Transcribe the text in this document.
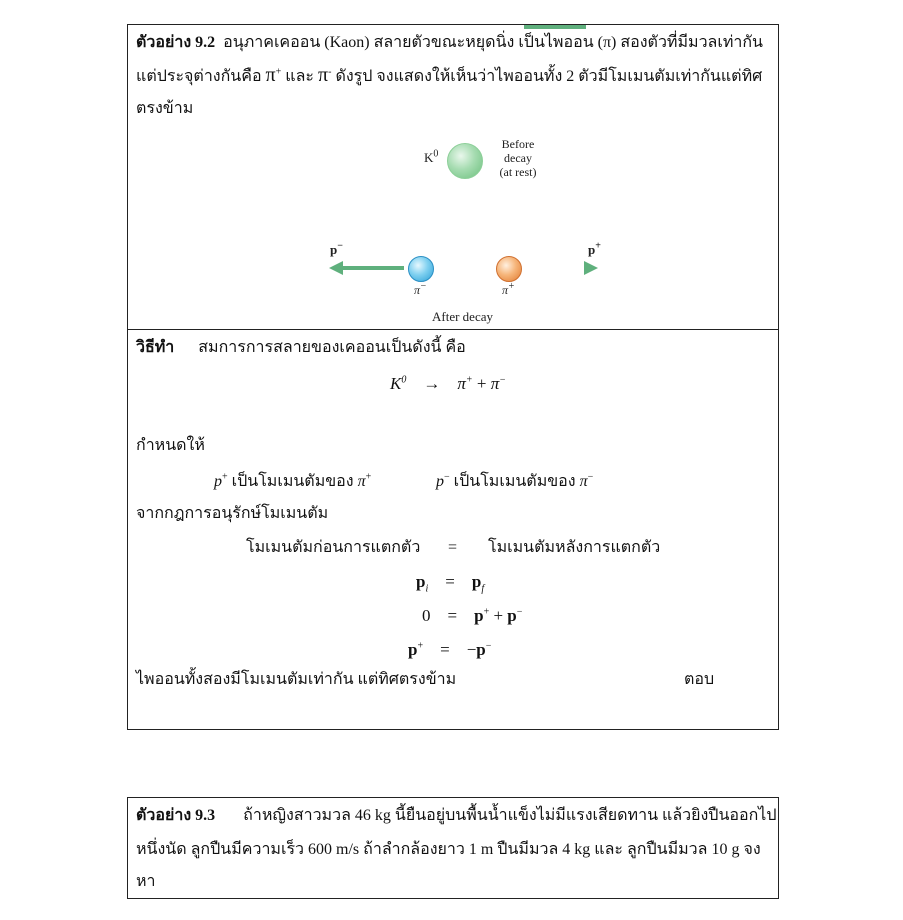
ตัวอย่าง 9.2 อนุภาคเคออน (Kaon) สลายตัวขณะหยุดนิ่ง เป็นไพออน (π) สองตัวที่มีมวลเท่ากัน
แต่ประจุต่างกันคือ π+ และ π- ดังรูป จงแสดงให้เห็นว่าไพออนทั้ง 2 ตัวมีโมเมนตัมเท่ากันแต่ทิศ
ตรงข้าม
$K^0$
Before
decay
(at rest)
p−
π−	π+
p+
After decay
วิธีทำ สมการการสลายของเคออนเป็นดังนี้ คือ
$K^0 \to \pi^+ + \pi^-$
กำหนดให้
p+ เป็นโมเมนตัมของ π+	p− เป็นโมเมนตัมของ π−
จากกฎการอนุรักษ์โมเมนตัม
โมเมนตัมก่อนการแตกตัว = โมเมนตัมหลังการแตกตัว
$p_i = p_f$
0 = p+ + p−
p+ = −p−
ไพออนทั้งสองมีโมเมนตัมเท่ากัน แต่ทิศตรงข้าม	ตอบ
ตัวอย่าง 9.3 ถ้าหญิงสาวมวล 46 kg นี้ยืนอยู่บนพื้นน้ำแข็งไม่มีแรงเสียดทาน แล้วยิงปืนออกไป
หนึ่งนัด ลูกปืนมีความเร็ว 600 m/s ถ้าลำกล้องยาว 1 m ปืนมีมวล 4 kg และ ลูกปืนมีมวล 10 g จง
หา
